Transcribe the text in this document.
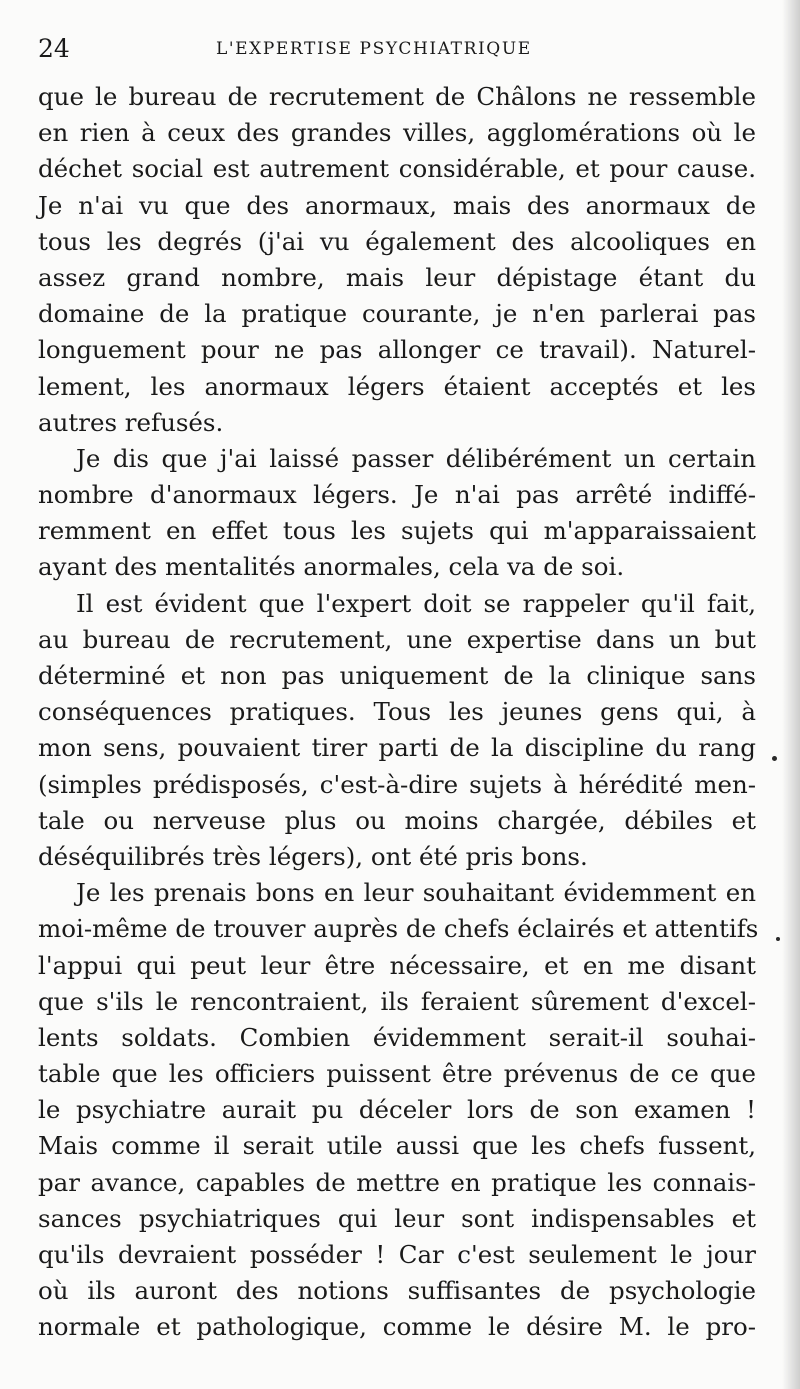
24	L'EXPERTISE PSYCHIATRIQUE
que le bureau de recrutement de Châlons ne ressemble
en rien à ceux des grandes villes, agglomérations où le
déchet social est autrement considérable, et pour cause.
Je n'ai vu que des anormaux, mais des anormaux de
tous les degrés (j'ai vu également des alcooliques en
assez grand nombre, mais leur dépistage étant du
domaine de la pratique courante, je n'en parlerai pas
longuement pour ne pas allonger ce travail). Naturel-
lement, les anormaux légers étaient acceptés et les
autres refusés.
Je dis que j'ai laissé passer délibérément un certain
nombre d'anormaux légers. Je n'ai pas arrêté indiffé-
remment en effet tous les sujets qui m'apparaissaient
ayant des mentalités anormales, cela va de soi.
Il est évident que l'expert doit se rappeler qu'il fait,
au bureau de recrutement, une expertise dans un but
déterminé et non pas uniquement de la clinique sans
conséquences pratiques. Tous les jeunes gens qui, à
mon sens, pouvaient tirer parti de la discipline du rang
(simples prédisposés, c'est-à-dire sujets à hérédité men-
tale ou nerveuse plus ou moins chargée, débiles et
déséquilibrés très légers), ont été pris bons.
Je les prenais bons en leur souhaitant évidemment en
moi-même de trouver auprès de chefs éclairés et attentifs
l'appui qui peut leur être nécessaire, et en me disant
que s'ils le rencontraient, ils feraient sûrement d'excel-
lents soldats. Combien évidemment serait-il souhai-
table que les officiers puissent être prévenus de ce que
le psychiatre aurait pu déceler lors de son examen !
Mais comme il serait utile aussi que les chefs fussent,
par avance, capables de mettre en pratique les connais-
sances psychiatriques qui leur sont indispensables et
qu'ils devraient posséder ! Car c'est seulement le jour
où ils auront des notions suffisantes de psychologie
normale et pathologique, comme le désire M. le pro-
